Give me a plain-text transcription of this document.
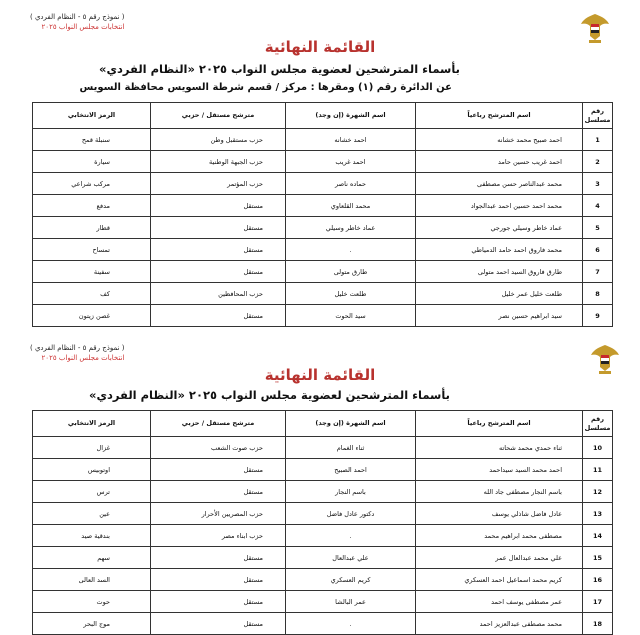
( نموذج رقم ٥ - النظام الفردي )
انتخابات مجلس النواب ٢٠٢٥
القائمة النهائية
بأسماء المترشحين لعضوية مجلس النواب ٢٠٢٥ «النظام الفردي»
عن الدائرة رقم (١) ومقرها : مركز / قسم شرطة السويس محافظة السويس
رقم مسلسل	اسم المترشح رباعياً	اسم الشهرة (إن وجد)	مترشح مستقل / حزبي	الرمز الانتخابي
1	احمد صبيح محمد خشانه	احمد خشانه	حزب مستقبل وطن	سنبلة قمح
2	احمد غريب حسين حامد	احمد غريب	حزب الجبهة الوطنية	سيارة
3	محمد عبدالناصر حسن مصطفى	حماده ناصر	حزب المؤتمر	مركب شراعي
4	محمد احمد حسين احمد عبدالجواد	محمد القلعاوي	مستقل	مدفع
5	عماد خاطر وسيلي جورجي	عماد خاطر وسيلي	مستقل	قطار
6	محمد فاروق احمد حامد الدمياطي	.	مستقل	تمساح
7	طارق فاروق السيد احمد متولى	طارق متولى	مستقل	سفينة
8	طلعت خليل عمر خليل	طلعت خليل	حزب المحافظين	كف
9	سيد ابراهيم حسين نصر	سيد الحوت	مستقل	غصن زيتون
( نموذج رقم ٥ - النظام الفردي )
انتخابات مجلس النواب ٢٠٢٥
القائمة النهائية
بأسماء المترشحين لعضوية مجلس النواب ٢٠٢٥ «النظام الفردي»
رقم مسلسل	اسم المترشح رباعياً	اسم الشهرة (إن وجد)	مترشح مستقل / حزبي	الرمز الانتخابي
10	ثناء حمدي محمد شحاته	ثناء الغمام	حزب صوت الشعب	غزال
11	احمد محمد السيد سيداحمد	احمد الصبيح	مستقل	اوتوبيس
12	باسم النجار مصطفى جاد الله	باسم النجار	مستقل	ترس
13	عادل فاضل شاذلي يوسف	دكتور عادل فاضل	حزب المصريين الأحرار	عين
14	مصطفى محمد ابراهيم محمد	.	حزب ابناء مصر	بندقية صيد
15	علي محمد عبدالعال عمر	علي عبدالعال	مستقل	سهم
16	كريم محمد اسماعيل احمد العسكري	كريم العسكري	مستقل	السد العالى
17	عمر مصطفى يوسف احمد	عمر البالشا	مستقل	حوت
18	محمد مصطفى عبدالعزيز احمد	.	مستقل	موج البحر
